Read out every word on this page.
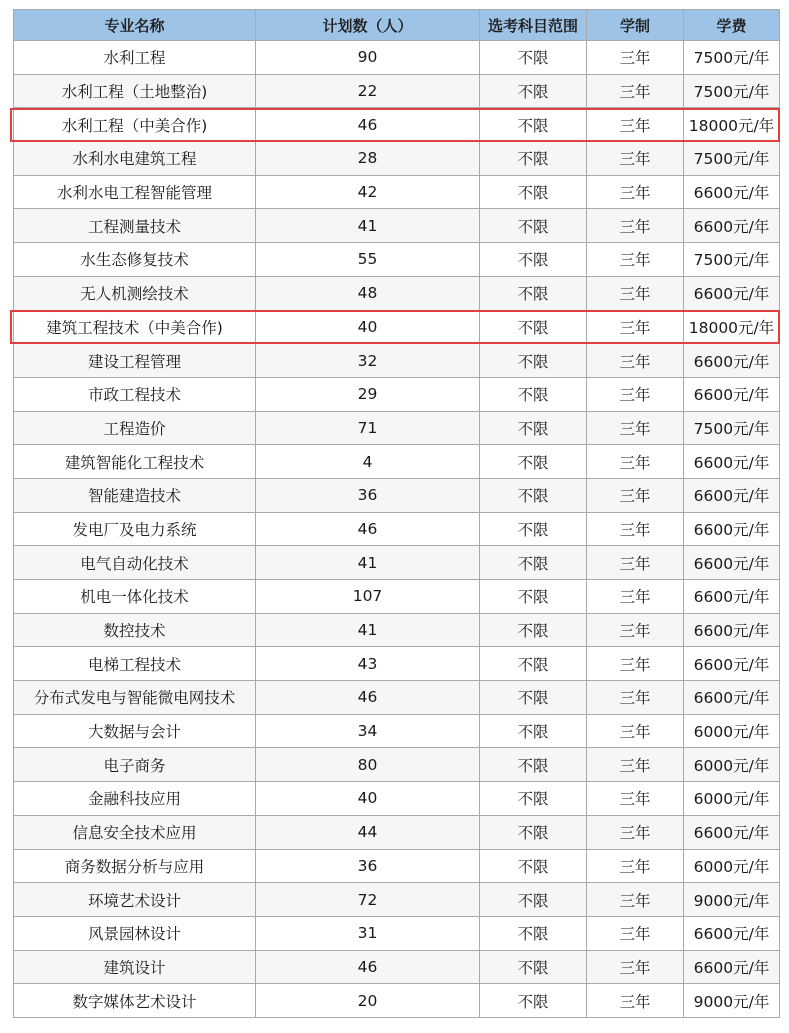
专业名称	计划数（人）	选考科目范围	学制	学费
水利工程	90	不限	三年	7500元/年
水利工程（土地整治)	22	不限	三年	7500元/年
水利工程（中美合作)	46	不限	三年	18000元/年
水利水电建筑工程	28	不限	三年	7500元/年
水利水电工程智能管理	42	不限	三年	6600元/年
工程测量技术	41	不限	三年	6600元/年
水生态修复技术	55	不限	三年	7500元/年
无人机测绘技术	48	不限	三年	6600元/年
建筑工程技术（中美合作)	40	不限	三年	18000元/年
建设工程管理	32	不限	三年	6600元/年
市政工程技术	29	不限	三年	6600元/年
工程造价	71	不限	三年	7500元/年
建筑智能化工程技术	4	不限	三年	6600元/年
智能建造技术	36	不限	三年	6600元/年
发电厂及电力系统	46	不限	三年	6600元/年
电气自动化技术	41	不限	三年	6600元/年
机电一体化技术	107	不限	三年	6600元/年
数控技术	41	不限	三年	6600元/年
电梯工程技术	43	不限	三年	6600元/年
分布式发电与智能微电网技术	46	不限	三年	6600元/年
大数据与会计	34	不限	三年	6000元/年
电子商务	80	不限	三年	6000元/年
金融科技应用	40	不限	三年	6000元/年
信息安全技术应用	44	不限	三年	6600元/年
商务数据分析与应用	36	不限	三年	6000元/年
环境艺术设计	72	不限	三年	9000元/年
风景园林设计	31	不限	三年	6600元/年
建筑设计	46	不限	三年	6600元/年
数字媒体艺术设计	20	不限	三年	9000元/年
